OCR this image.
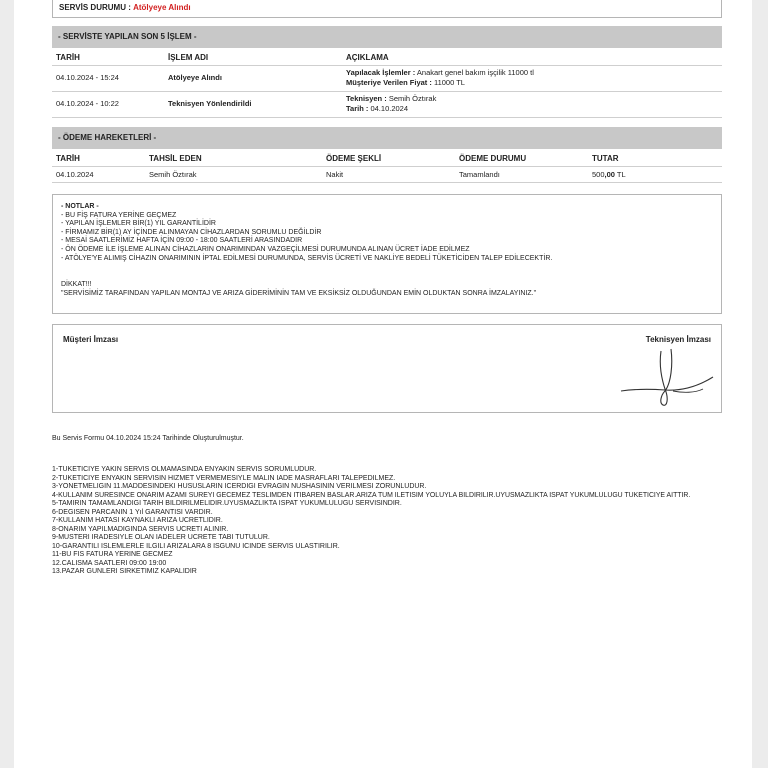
SERVİS DURUMU : Atölyeye Alındı
- SERVİSTE YAPILAN SON 5 İŞLEM -
TARİH	İŞLEM ADI	AÇIKLAMA
04.10.2024 - 15:24	Atölyeye Alındı
Yapılacak İşlemler : Anakart genel bakım işçilik 11000 tl
Müşteriye Verilen Fiyat : 11000 TL
04.10.2024 - 10:22	Teknisyen Yönlendirildi
Teknisyen : Semih Öztırak
Tarih : 04.10.2024
- ÖDEME HAREKETLERİ -
TARİH	TAHSİL EDEN	ÖDEME ŞEKLİ	ÖDEME DURUMU	TUTAR
04.10.2024	Semih Öztırak	Nakit	Tamamlandı	500,00 TL
- NOTLAR -
- BU FİŞ FATURA YERİNE GEÇMEZ
- YAPILAN İŞLEMLER BİR(1) YIL GARANTİLİDİR
- FİRMAMIZ BİR(1) AY İÇİNDE ALINMAYAN CİHAZLARDAN SORUMLU DEĞİLDİR
- MESAİ SAATLERİMİZ HAFTA İÇİN 09:00 - 18:00 SAATLERİ ARASINDADIR
- ÖN ÖDEME İLE İŞLEME ALINAN CİHAZLARIN ONARIMINDAN VAZGEÇİLMESİ DURUMUNDA ALINAN ÜCRET İADE EDİLMEZ
- ATÖLYE'YE ALIMIŞ CİHAZIN ONARIMININ İPTAL EDİLMESİ DURUMUNDA, SERVİS ÜCRETİ VE NAKLİYE BEDELİ TÜKETİCİDEN TALEP EDİLECEKTİR.
DİKKAT!!!
"SERVİSİMİZ TARAFINDAN YAPILAN MONTAJ VE ARIZA GİDERİMİNİN TAM VE EKSİKSİZ OLDUĞUNDAN EMİN OLDUKTAN SONRA İMZALAYINIZ."
Müşteri İmzası	Teknisyen İmzası
Bu Servis Formu 04.10.2024 15:24 Tarihinde Oluşturulmuştur.
1-TUKETICIYE YAKIN SERVIS OLMAMASINDA ENYAKIN SERVIS SORUMLUDUR.
2-TUKETICIYE ENYAKIN SERVISIN HIZMET VERMEMESIYLE MALIN IADE MASRAFLARI TALEPEDILMEZ.
3-YONETMELIGIN 11.MADDESINDEKI HUSUSLARIN ICERDIGI EVRAGIN NUSHASININ VERILMESI ZORUNLUDUR.
4-KULLANIM SURESINCE ONARIM AZAMI SUREYI GECEMEZ TESLIMDEN ITIBAREN BASLAR.ARIZA TUM ILETISIM YOLUYLA BILDIRILIR.UYUSMAZLIKTA ISPAT YUKUMLULUGU TUKETICIYE AITTIR.
5-TAMIRIN TAMAMLANDIGI TARIH BILDIRILMELIDIR.UYUSMAZLIKTA ISPAT YUKUMLULUGU SERVISINDIR.
6-DEGISEN PARCANIN 1 Yıl GARANTISI VARDIR.
7-KULLANIM HATASI KAYNAKLI ARIZA UCRETLIDIR.
8-ONARIM YAPILMADIGINDA SERVIS UCRETI ALINIR.
9-MUSTERI IRADESIYLE OLAN IADELER UCRETE TABI TUTULUR.
10-GARANTILI ISLEMLERLE ILGILI ARIZALARA 8 ISGUNU ICINDE SERVIS ULASTIRILIR.
11-BU FIS FATURA YERINE GECMEZ
12.CALISMA SAATLERI 09:00 19:00
13.PAZAR GUNLERI SIRKETIMIZ KAPALIDIR
